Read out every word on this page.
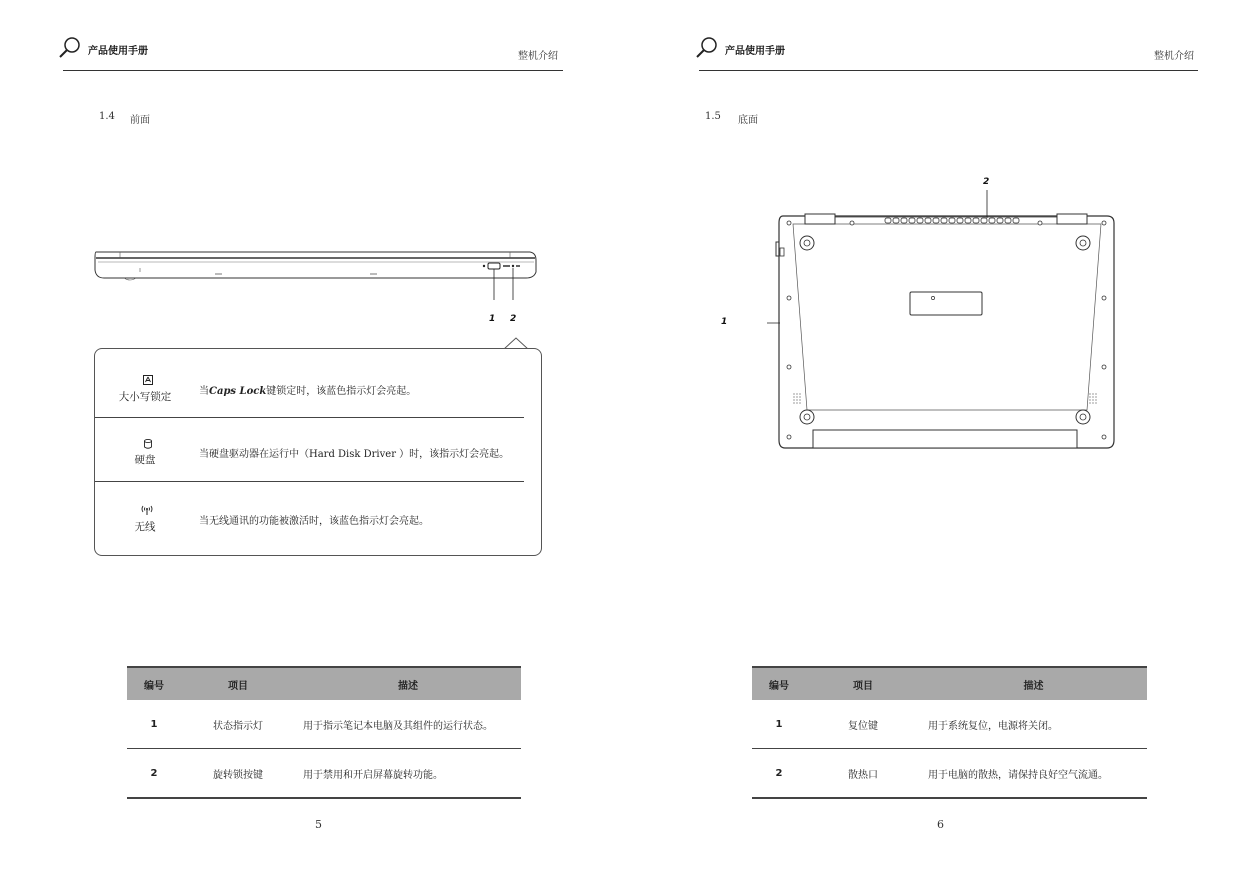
产品使用手册	整机介绍
1.4 前面
1 2
大小写锁定	当Caps Lock键锁定时，该蓝色指示灯会亮起。
硬盘	当硬盘驱动器在运行中（Hard Disk Driver ）时，该指示灯会亮起。
无线	当无线通讯的功能被激活时，该蓝色指示灯会亮起。
编号	项目	描述
1	状态指示灯	用于指示笔记本电脑及其组件的运行状态。
2	旋转锁按键	用于禁用和开启屏幕旋转功能。
5
产品使用手册	整机介绍
1.5 底面
2
1
编号	项目	描述
1	复位键	用于系统复位，电源将关闭。
2	散热口	用于电脑的散热，请保持良好空气流通。
6
